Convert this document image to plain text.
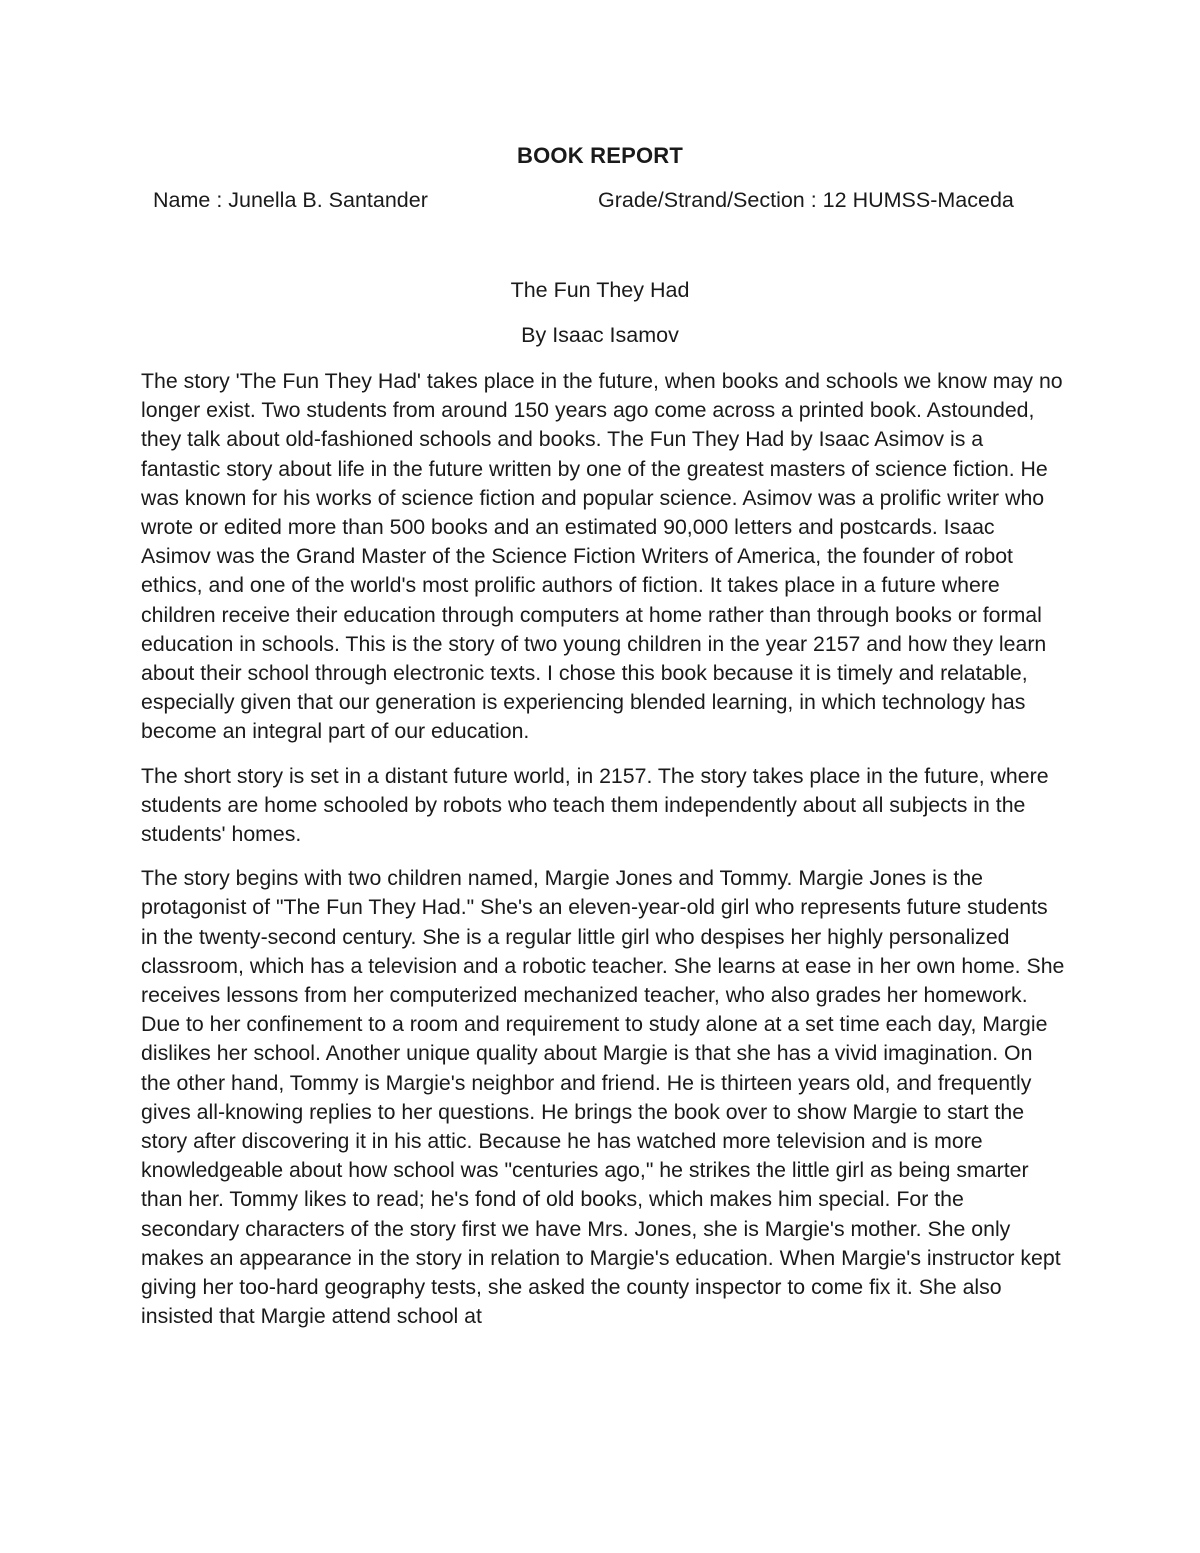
BOOK REPORT
Name : Junella B. Santander	Grade/Strand/Section : 12 HUMSS-Maceda
The Fun They Had
By Isaac Isamov

The story 'The Fun They Had' takes place in the future, when books and schools we know may no longer exist. Two students from around 150 years ago come across a printed book. Astounded, they talk about old-fashioned schools and books. The Fun They Had by Isaac Asimov is a fantastic story about life in the future written by one of the greatest masters of science fiction. He was known for his works of science fiction and popular science. Asimov was a prolific writer who wrote or edited more than 500 books and an estimated 90,000 letters and postcards. Isaac Asimov was the Grand Master of the Science Fiction Writers of America, the founder of robot ethics, and one of the world's most prolific authors of fiction. It takes place in a future where children receive their education through computers at home rather than through books or formal education in schools. This is the story of two young children in the year 2157 and how they learn about their school through electronic texts. I chose this book because it is timely and relatable, especially given that our generation is experiencing blended learning, in which technology has become an integral part of our education.

The short story is set in a distant future world, in 2157. The story takes place in the future, where students are home schooled by robots who teach them independently about all subjects in the students' homes.

The story begins with two children named, Margie Jones and Tommy. Margie Jones is the protagonist of "The Fun They Had." She's an eleven-year-old girl who represents future students in the twenty-second century. She is a regular little girl who despises her highly personalized classroom, which has a television and a robotic teacher. She learns at ease in her own home. She receives lessons from her computerized mechanized teacher, who also grades her homework. Due to her confinement to a room and requirement to study alone at a set time each day, Margie dislikes her school. Another unique quality about Margie is that she has a vivid imagination. On the other hand, Tommy is Margie's neighbor and friend. He is thirteen years old, and frequently gives all-knowing replies to her questions. He brings the book over to show Margie to start the story after discovering it in his attic. Because he has watched more television and is more knowledgeable about how school was "centuries ago," he strikes the little girl as being smarter than her. Tommy likes to read; he's fond of old books, which makes him special. For the secondary characters of the story first we have Mrs. Jones, she is Margie's mother. She only makes an appearance in the story in relation to Margie's education. When Margie's instructor kept giving her too-hard geography tests, she asked the county inspector to come fix it. She also insisted that Margie attend school at
